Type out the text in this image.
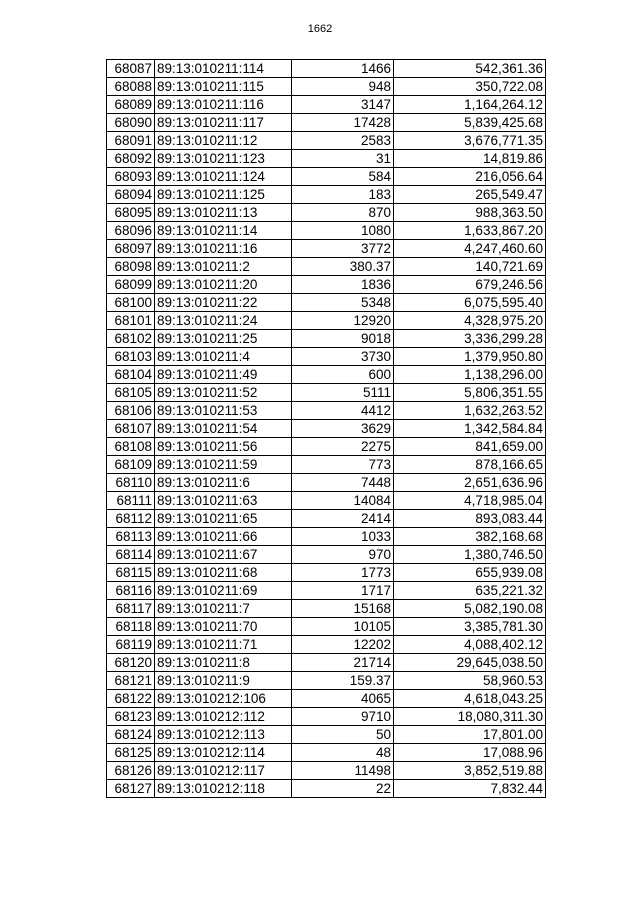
1662
68087	89:13:010211:114	1466	542,361.36
68088	89:13:010211:115	948	350,722.08
68089	89:13:010211:116	3147	1,164,264.12
68090	89:13:010211:117	17428	5,839,425.68
68091	89:13:010211:12	2583	3,676,771.35
68092	89:13:010211:123	31	14,819.86
68093	89:13:010211:124	584	216,056.64
68094	89:13:010211:125	183	265,549.47
68095	89:13:010211:13	870	988,363.50
68096	89:13:010211:14	1080	1,633,867.20
68097	89:13:010211:16	3772	4,247,460.60
68098	89:13:010211:2	380.37	140,721.69
68099	89:13:010211:20	1836	679,246.56
68100	89:13:010211:22	5348	6,075,595.40
68101	89:13:010211:24	12920	4,328,975.20
68102	89:13:010211:25	9018	3,336,299.28
68103	89:13:010211:4	3730	1,379,950.80
68104	89:13:010211:49	600	1,138,296.00
68105	89:13:010211:52	5111	5,806,351.55
68106	89:13:010211:53	4412	1,632,263.52
68107	89:13:010211:54	3629	1,342,584.84
68108	89:13:010211:56	2275	841,659.00
68109	89:13:010211:59	773	878,166.65
68110	89:13:010211:6	7448	2,651,636.96
68111	89:13:010211:63	14084	4,718,985.04
68112	89:13:010211:65	2414	893,083.44
68113	89:13:010211:66	1033	382,168.68
68114	89:13:010211:67	970	1,380,746.50
68115	89:13:010211:68	1773	655,939.08
68116	89:13:010211:69	1717	635,221.32
68117	89:13:010211:7	15168	5,082,190.08
68118	89:13:010211:70	10105	3,385,781.30
68119	89:13:010211:71	12202	4,088,402.12
68120	89:13:010211:8	21714	29,645,038.50
68121	89:13:010211:9	159.37	58,960.53
68122	89:13:010212:106	4065	4,618,043.25
68123	89:13:010212:112	9710	18,080,311.30
68124	89:13:010212:113	50	17,801.00
68125	89:13:010212:114	48	17,088.96
68126	89:13:010212:117	11498	3,852,519.88
68127	89:13:010212:118	22	7,832.44
